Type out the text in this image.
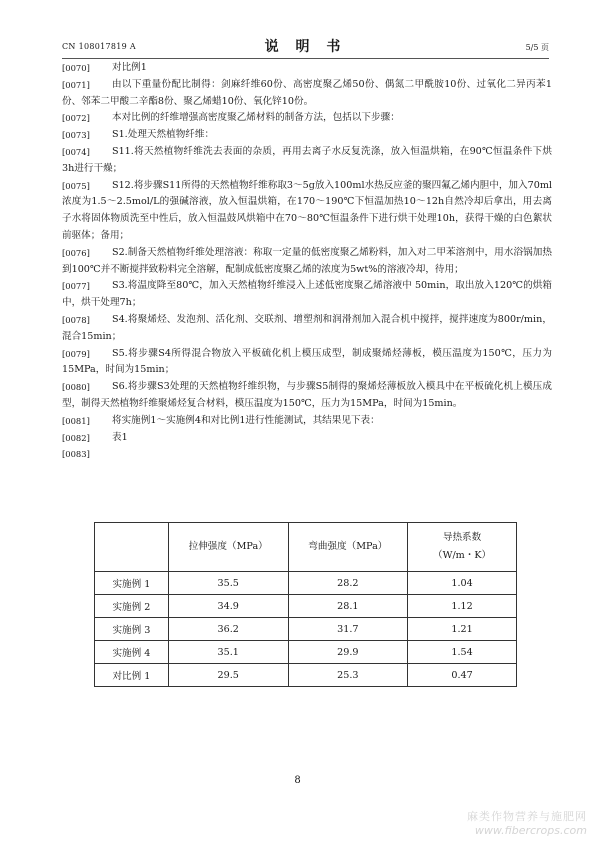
CN 108017819 A	说 明 书	5/5 页
[0070]	对比例1
[0071]	由以下重量份配比制得：剑麻纤维60份、高密度聚乙烯50份、偶氮二甲酰胺10份、过氧化二异丙苯1份、邻苯二甲酸二辛酯8份、聚乙烯蜡10份、氧化锌10份。
[0072]	本对比例的纤维增强高密度聚乙烯材料的制备方法，包括以下步骤：
[0073]	S1.处理天然植物纤维：
[0074]	S11.将天然植物纤维洗去表面的杂质，再用去离子水反复洗涤，放入恒温烘箱，在90℃恒温条件下烘3h进行干燥；
[0075]	S12.将步骤S11所得的天然植物纤维称取3～5g放入100ml水热反应釜的聚四氟乙烯内胆中，加入70ml浓度为1.5～2.5mol/L的强碱溶液，放入恒温烘箱，在170～190℃下恒温加热10～12h自然冷却后拿出，用去离子水将固体物质洗至中性后，放入恒温鼓风烘箱中在70～80℃恒温条件下进行烘干处理10h，获得干燥的白色絮状前驱体；备用；
[0076]	S2.制备天然植物纤维处理溶液：称取一定量的低密度聚乙烯粉料，加入对二甲苯溶剂中，用水浴锅加热到100℃并不断搅拌致粉料完全溶解，配制成低密度聚乙烯的浓度为5wt%的溶液冷却，待用；
[0077]	S3.将温度降至80℃，加入天然植物纤维浸入上述低密度聚乙烯溶液中 50min，取出放入120℃的烘箱中，烘干处理7h；
[0078]	S4.将聚烯烃、发泡剂、活化剂、交联剂、增塑剂和润滑剂加入混合机中搅拌，搅拌速度为800r/min，混合15min；
[0079]	S5.将步骤S4所得混合物放入平板硫化机上模压成型，制成聚烯烃薄板，模压温度为150℃，压力为15MPa，时间为15min；
[0080]	S6.将步骤S3处理的天然植物纤维织物，与步骤S5制得的聚烯烃薄板放入模具中在平板硫化机上模压成型，制得天然植物纤维聚烯烃复合材料，模压温度为150℃，压力为15MPa，时间为15min。
[0081]	将实施例1～实施例4和对比例1进行性能测试，其结果见下表：
[0082]	表1
[0083]

	拉伸强度（MPa）	弯曲强度（MPa）	导热系数
（W/m・K）
实施例 1	35.5	28.2	1.04
实施例 2	34.9	28.1	1.12
实施例 3	36.2	31.7	1.21
实施例 4	35.1	29.9	1.54
对比例 1	29.5	25.3	0.47
8
麻类作物营养与施肥网
www.fibercrops.com
